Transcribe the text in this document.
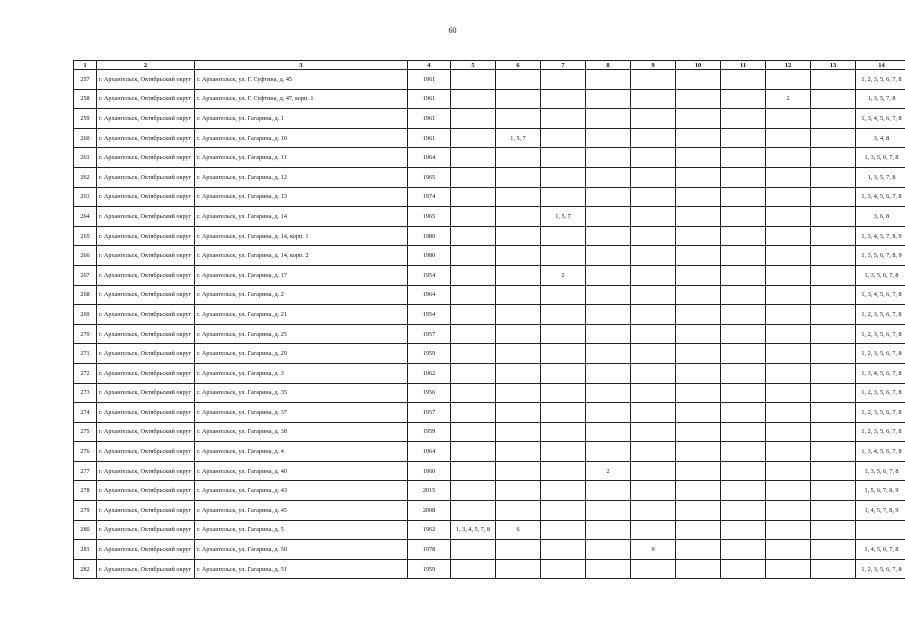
60
1	2	3	4	5	6	7	8	9	10	11	12	13	14
257	г. Архангельск, Октябрьский округ	г. Архангельск, ул. Г. Суфтина, д. 45	1961										1, 2, 3, 5, 6, 7, 8
258	г. Архангельск, Октябрьский округ	г. Архангельск, ул. Г. Суфтина, д. 47, корп. 1	1961								2		1, 3, 5, 7, 8
259	г. Архангельск, Октябрьский округ	г. Архангельск, ул. Гагарина, д. 1	1961										1, 3, 4, 5, 6, 7, 8
260	г. Архангельск, Октябрьский округ	г. Архангельск, ул. Гагарина, д. 10	1961		1, 5, 7								3, 4, 8
261	г. Архангельск, Октябрьский округ	г. Архангельск, ул. Гагарина, д. 11	1964										1, 3, 5, 6, 7, 8
262	г. Архангельск, Октябрьский округ	г. Архангельск, ул. Гагарина, д. 12	1965										1, 3, 5, 7, 8
263	г. Архангельск, Октябрьский округ	г. Архангельск, ул. Гагарина, д. 13	1974										1, 3, 4, 5, 6, 7, 8
264	г. Архангельск, Октябрьский округ	г. Архангельск, ул. Гагарина, д. 14	1965			1, 5, 7							3, 6, 8
265	г. Архангельск, Октябрьский округ	г. Архангельск, ул. Гагарина, д. 14, корп. 1	1980										1, 3, 4, 5, 7, 8, 9
266	г. Архангельск, Октябрьский округ	г. Архангельск, ул. Гагарина, д. 14, корп. 2	1980										1, 3, 5, 6, 7, 8, 9
267	г. Архангельск, Октябрьский округ	г. Архангельск, ул. Гагарина, д. 17	1954			2							1, 3, 5, 6, 7, 8
268	г. Архангельск, Октябрьский округ	г. Архангельск, ул. Гагарина, д. 2	1964										1, 3, 4, 5, 6, 7, 8
269	г. Архангельск, Октябрьский округ	г. Архангельск, ул. Гагарина, д. 21	1954										1, 2, 3, 5, 6, 7, 8
270	г. Архангельск, Октябрьский округ	г. Архангельск, ул. Гагарина, д. 25	1957										1, 2, 3, 5, 6, 7, 8
271	г. Архангельск, Октябрьский округ	г. Архангельск, ул. Гагарина, д. 29	1959										1, 2, 3, 5, 6, 7, 8
272	г. Архангельск, Октябрьский округ	г. Архангельск, ул. Гагарина, д. 3	1962										1, 3, 4, 5, 6, 7, 8
273	г. Архангельск, Октябрьский округ	г. Архангельск, ул. Гагарина, д. 35	1956										1, 2, 3, 5, 6, 7, 8
274	г. Архангельск, Октябрьский округ	г. Архангельск, ул. Гагарина, д. 37	1957										1, 2, 3, 5, 6, 7, 8
275	г. Архангельск, Октябрьский округ	г. Архангельск, ул. Гагарина, д. 38	1959										1, 2, 3, 5, 6, 7, 8
276	г. Архангельск, Октябрьский округ	г. Архангельск, ул. Гагарина, д. 4	1964										1, 3, 4, 5, 6, 7, 8
277	г. Архангельск, Октябрьский округ	г. Архангельск, ул. Гагарина, д. 40	1960				2						1, 3, 5, 6, 7, 8
278	г. Архангельск, Октябрьский округ	г. Архангельск, ул. Гагарина, д. 43	2015										1, 5, 6, 7, 8, 9
279	г. Архангельск, Октябрьский округ	г. Архангельск, ул. Гагарина, д. 45	2008										1, 4, 5, 7, 8, 9
280	г. Архангельск, Октябрьский округ	г. Архангельск, ул. Гагарина, д. 5	1962	1, 3, 4, 5, 7, 8	6								
281	г. Архангельск, Октябрьский округ	г. Архангельск, ул. Гагарина, д. 50	1978					9					1, 4, 5, 6, 7, 8
282	г. Архангельск, Октябрьский округ	г. Архангельск, ул. Гагарина, д. 51	1959										1, 2, 3, 5, 6, 7, 8
